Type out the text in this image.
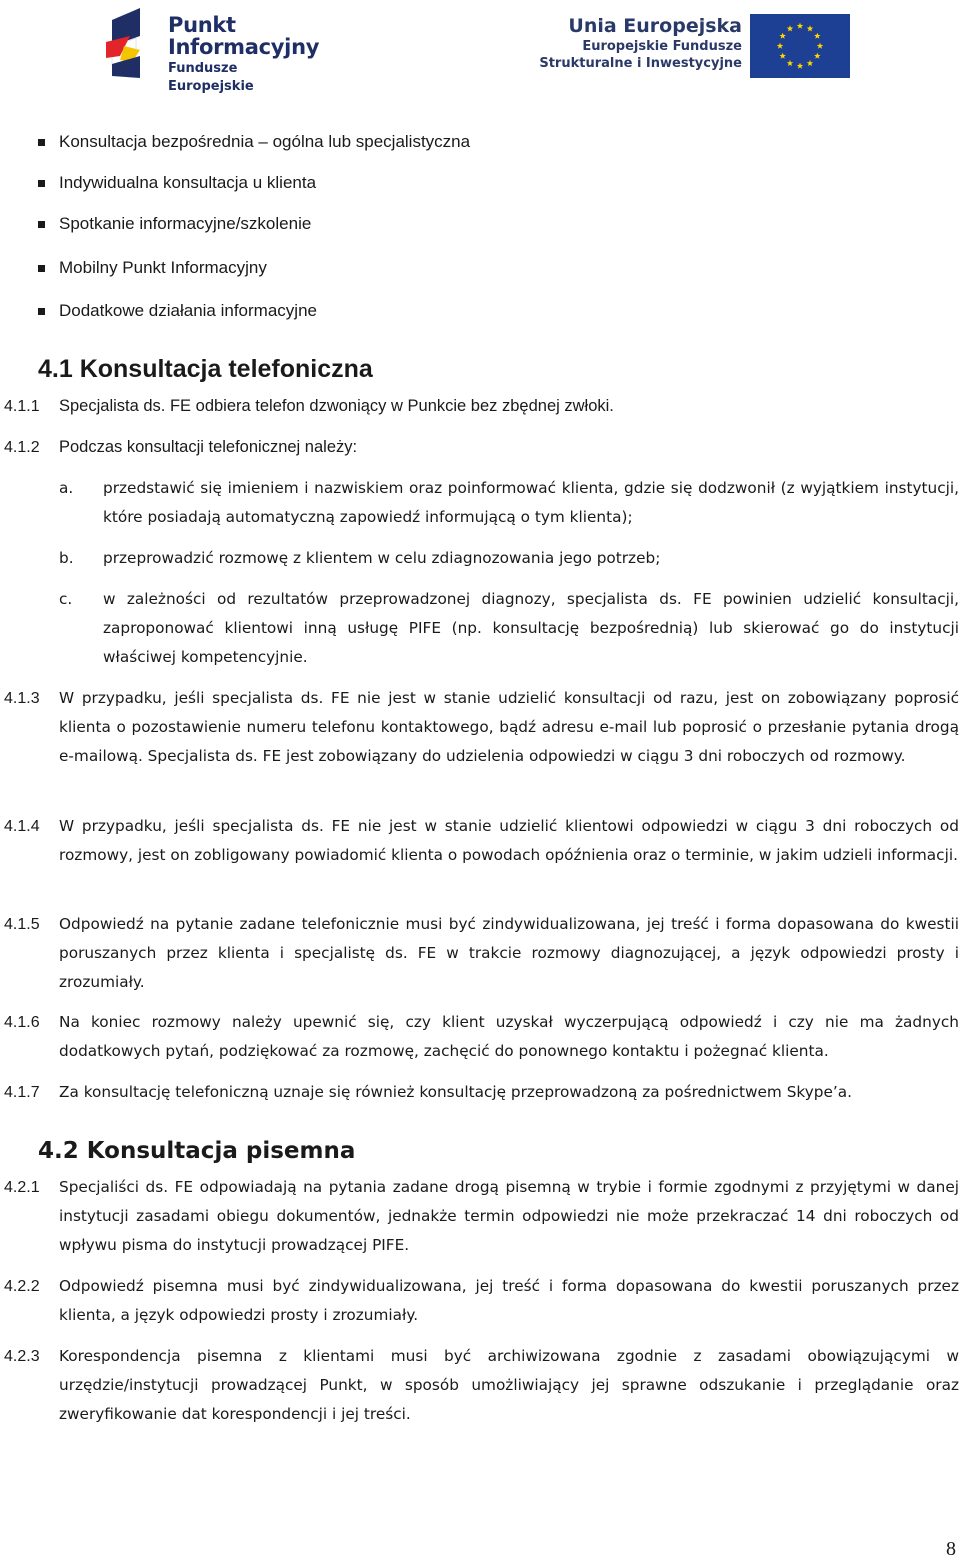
Punkt
Informacyjny
Fundusze Europejskie
Unia Europejska
Europejskie Fundusze
Strukturalne i Inwestycyjne
Konsultacja bezpośrednia – ogólna lub specjalistyczna
Indywidualna konsultacja u klienta
Spotkanie informacyjne/szkolenie
Mobilny Punkt Informacyjny
Dodatkowe działania informacyjne
4.1 Konsultacja telefoniczna
4.1.1	Specjalista ds. FE odbiera telefon dzwoniący w Punkcie bez zbędnej zwłoki.
4.1.2	Podczas konsultacji telefonicznej należy:
a. przedstawić się imieniem i nazwiskiem oraz poinformować klienta, gdzie się dodzwonił (z wyjątkiem instytucji, które posiadają automatyczną zapowiedź informującą o tym klienta);
b. przeprowadzić rozmowę z klientem w celu zdiagnozowania jego potrzeb;
c. w zależności od rezultatów przeprowadzonej diagnozy, specjalista ds. FE powinien udzielić konsultacji, zaproponować klientowi inną usługę PIFE (np. konsultację bezpośrednią) lub skierować go do instytucji właściwej kompetencyjnie.
4.1.3	W przypadku, jeśli specjalista ds. FE nie jest w stanie udzielić konsultacji od razu, jest on zobowiązany poprosić klienta o pozostawienie numeru telefonu kontaktowego, bądź adresu e-mail lub poprosić o przesłanie pytania drogą e-mailową. Specjalista ds. FE jest zobowiązany do udzielenia odpowiedzi w ciągu 3 dni roboczych od rozmowy.
4.1.4	W przypadku, jeśli specjalista ds. FE nie jest w stanie udzielić klientowi odpowiedzi w ciągu 3 dni roboczych od rozmowy, jest on zobligowany powiadomić klienta o powodach opóźnienia oraz o terminie, w jakim udzieli informacji.
4.1.5	Odpowiedź na pytanie zadane telefonicznie musi być zindywidualizowana, jej treść i forma dopasowana do kwestii poruszanych przez klienta i specjalistę ds. FE w trakcie rozmowy diagnozującej, a język odpowiedzi prosty i zrozumiały.
4.1.6	Na koniec rozmowy należy upewnić się, czy klient uzyskał wyczerpującą odpowiedź i czy nie ma żadnych dodatkowych pytań, podziękować za rozmowę, zachęcić do ponownego kontaktu i pożegnać klienta.
4.1.7	Za konsultację telefoniczną uznaje się również konsultację przeprowadzoną za pośrednictwem Skype’a.
4.2 Konsultacja pisemna
4.2.1	Specjaliści ds. FE odpowiadają na pytania zadane drogą pisemną w trybie i formie zgodnymi z przyjętymi w danej instytucji zasadami obiegu dokumentów, jednakże termin odpowiedzi nie może przekraczać 14 dni roboczych od wpływu pisma do instytucji prowadzącej PIFE.
4.2.2	Odpowiedź pisemna musi być zindywidualizowana, jej treść i forma dopasowana do kwestii poruszanych przez klienta, a język odpowiedzi prosty i zrozumiały.
4.2.3	Korespondencja pisemna z klientami musi być archiwizowana zgodnie z zasadami obowiązującymi w urzędzie/instytucji prowadzącej Punkt, w sposób umożliwiający jej sprawne odszukanie i przeglądanie oraz zweryfikowanie dat korespondencji i jej treści.
8
